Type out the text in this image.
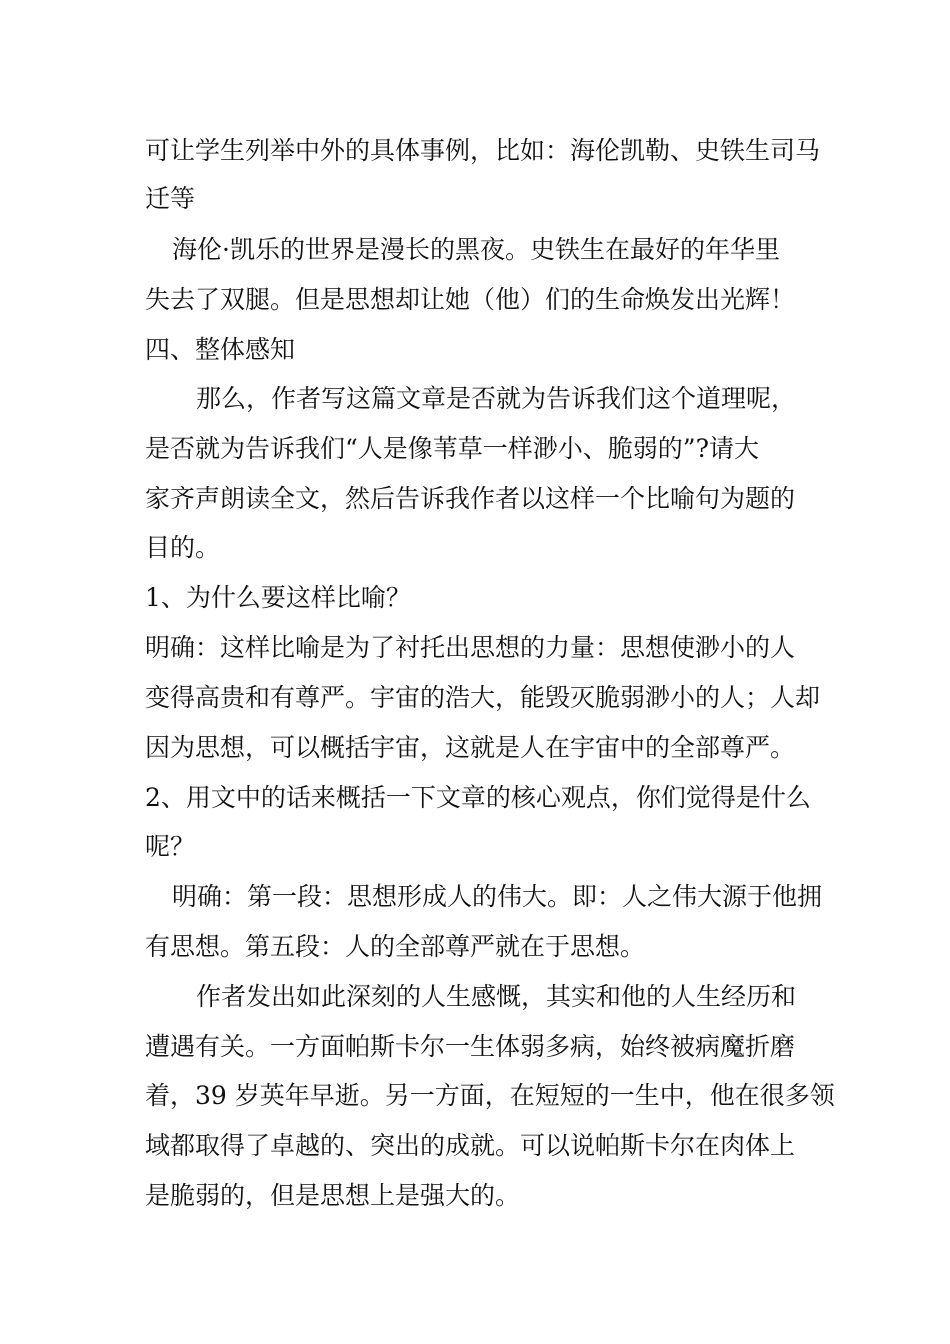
可让学生列举中外的具体事例，比如：海伦凯勒、史铁生司马
迁等
海伦·凯乐的世界是漫长的黑夜。史铁生在最好的年华里
失去了双腿。但是思想却让她（他）们的生命焕发出光辉！
四、整体感知
那么，作者写这篇文章是否就为告诉我们这个道理呢，
是否就为告诉我们“人是像苇草一样渺小、脆弱的”?请大
家齐声朗读全文，然后告诉我作者以这样一个比喻句为题的
目的。
1、为什么要这样比喻？
明确：这样比喻是为了衬托出思想的力量：思想使渺小的人
变得高贵和有尊严。宇宙的浩大，能毁灭脆弱渺小的人；人却
因为思想，可以概括宇宙，这就是人在宇宙中的全部尊严。
2、用文中的话来概括一下文章的核心观点，你们觉得是什么
呢？
明确：第一段：思想形成人的伟大。即：人之伟大源于他拥
有思想。第五段：人的全部尊严就在于思想。
作者发出如此深刻的人生感慨，其实和他的人生经历和
遭遇有关。一方面帕斯卡尔一生体弱多病，始终被病魔折磨
着，39 岁英年早逝。另一方面，在短短的一生中，他在很多领
域都取得了卓越的、突出的成就。可以说帕斯卡尔在肉体上
是脆弱的，但是思想上是强大的。
